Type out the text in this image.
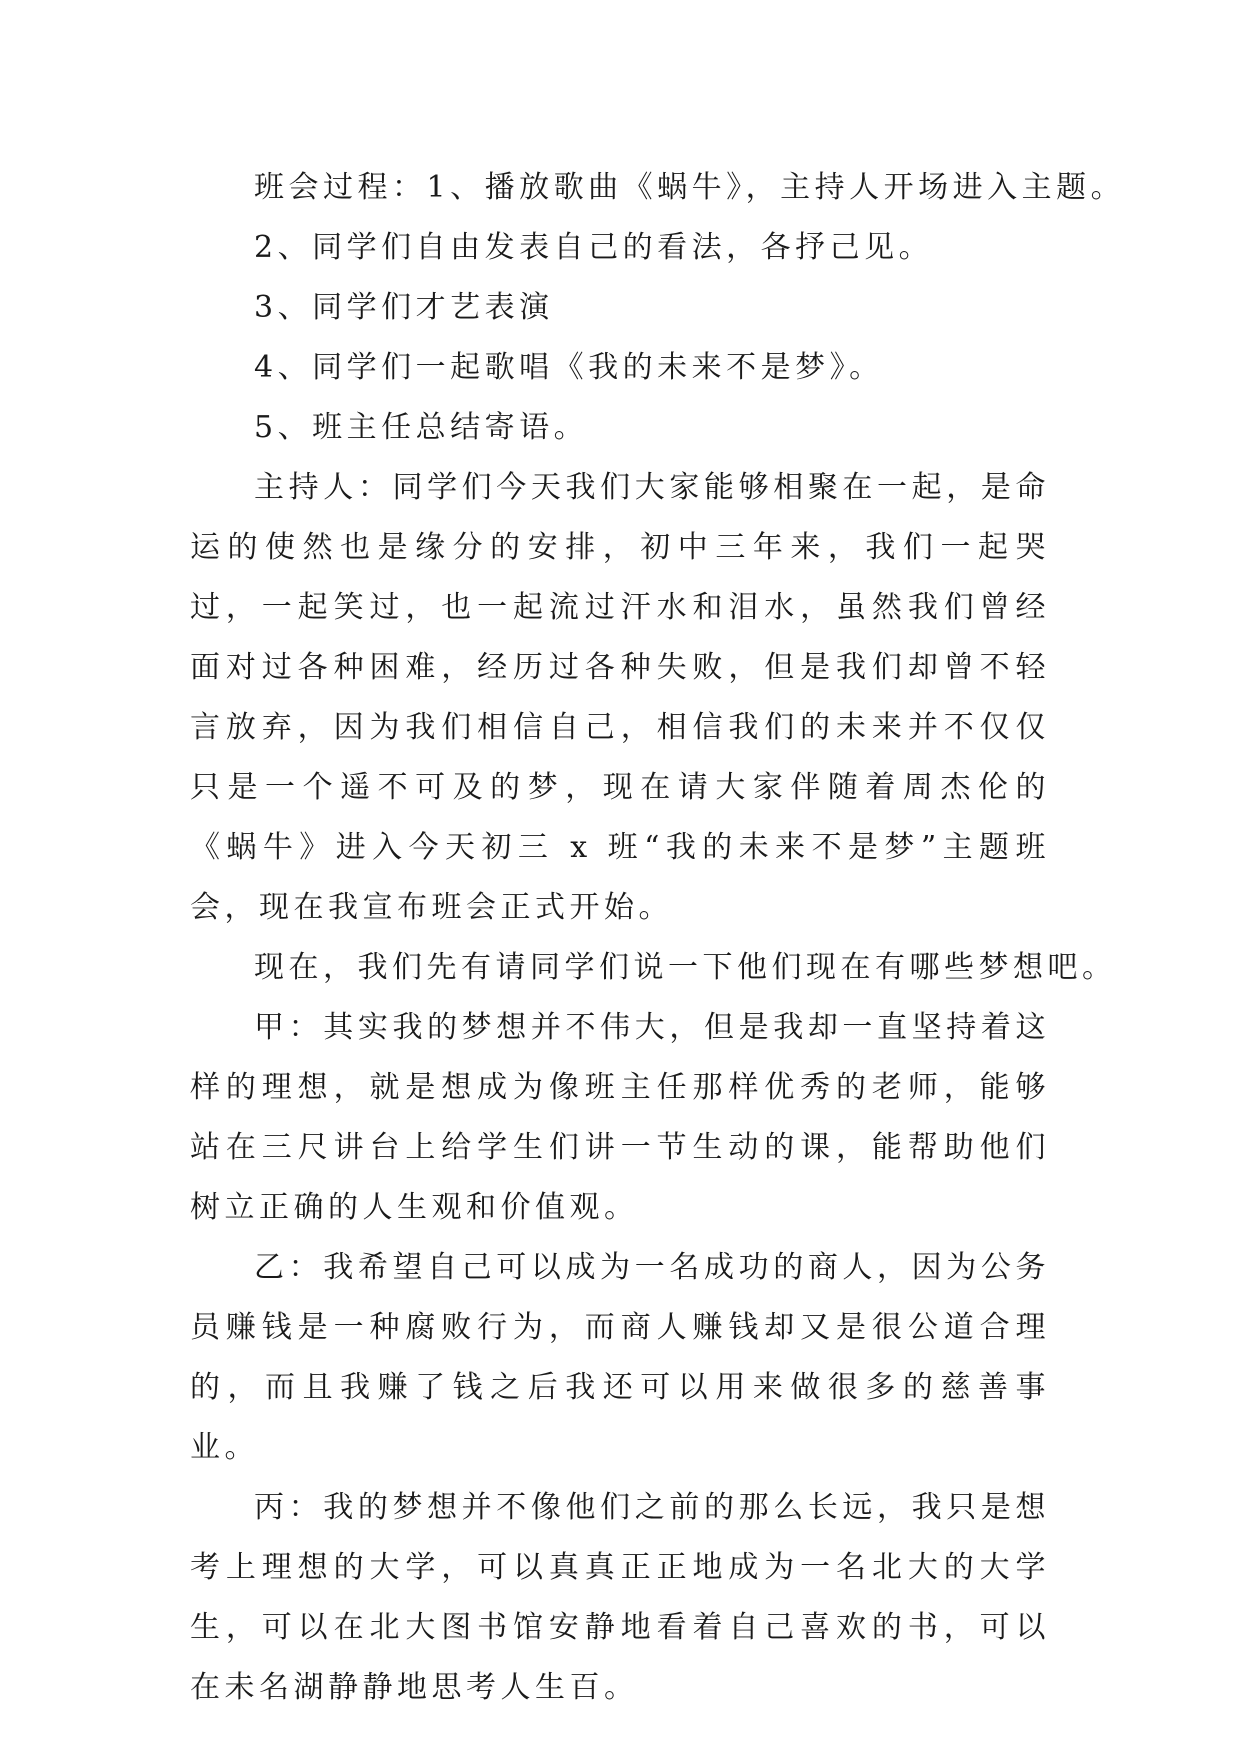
班会过程：1、播放歌曲《蜗牛》，主持人开场进入主题。

2、同学们自由发表自己的看法，各抒己见。

3、同学们才艺表演

4、同学们一起歌唱《我的未来不是梦》。

5、班主任总结寄语。

主持人：同学们今天我们大家能够相聚在一起，是命运的使然也是缘分的安排，初中三年来，我们一起哭过，一起笑过，也一起流过汗水和泪水，虽然我们曾经面对过各种困难，经历过各种失败，但是我们却曾不轻言放弃，因为我们相信自己，相信我们的未来并不仅仅只是一个遥不可及的梦，现在请大家伴随着周杰伦的《蜗牛》进入今天初三 x 班“我的未来不是梦”主题班会，现在我宣布班会正式开始。

现在，我们先有请同学们说一下他们现在有哪些梦想吧。

甲：其实我的梦想并不伟大，但是我却一直坚持着这样的理想，就是想成为像班主任那样优秀的老师，能够站在三尺讲台上给学生们讲一节生动的课，能帮助他们树立正确的人生观和价值观。

乙：我希望自己可以成为一名成功的商人，因为公务员赚钱是一种腐败行为，而商人赚钱却又是很公道合理的，而且我赚了钱之后我还可以用来做很多的慈善事业。

丙：我的梦想并不像他们之前的那么长远，我只是想考上理想的大学，可以真真正正地成为一名北大的大学生，可以在北大图书馆安静地看着自己喜欢的书，可以在未名湖静静地思考人生百。
